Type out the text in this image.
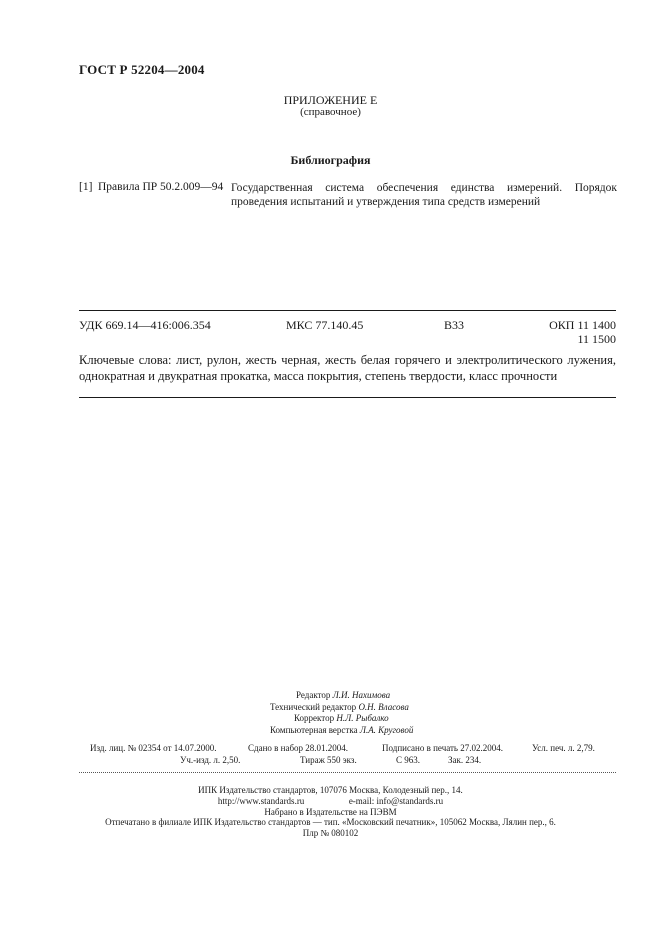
ГОСТ Р 52204—2004
ПРИЛОЖЕНИЕ Е
(справочное)
Библиография
[1] Правила ПР 50.2.009—94 Государственная система обеспечения единства измерений. Порядок проведения испытаний и утверждения типа средств измерений
УДК 669.14—416:006.354	МКС 77.140.45	В33	ОКП 11 1400
11 1500
Ключевые слова: лист, рулон, жесть черная, жесть белая горячего и электролитического лужения, однократная и двукратная прокатка, масса покрытия, степень твердости, класс прочности
Редактор Л.И. Нахимова
Технический редактор О.Н. Власова
Корректор Н.Л. Рыбалко
Компьютерная верстка Л.А. Круговой
Изд. лиц. № 02354 от 14.07.2000.	Сдано в набор 28.01.2004.	Подписано в печать 27.02.2004.	Усл. печ. л. 2,79.
Уч.-изд. л. 2,50.	Тираж 550 экз.	С 963.	Зак. 234.
ИПК Издательство стандартов, 107076 Москва, Колодезный пер., 14.
http://www.standards.ru	e-mail: info@standards.ru
Набрано в Издательстве на ПЭВМ
Отпечатано в филиале ИПК Издательство стандартов — тип. «Московский печатник», 105062 Москва, Лялин пер., 6.
Плр № 080102
